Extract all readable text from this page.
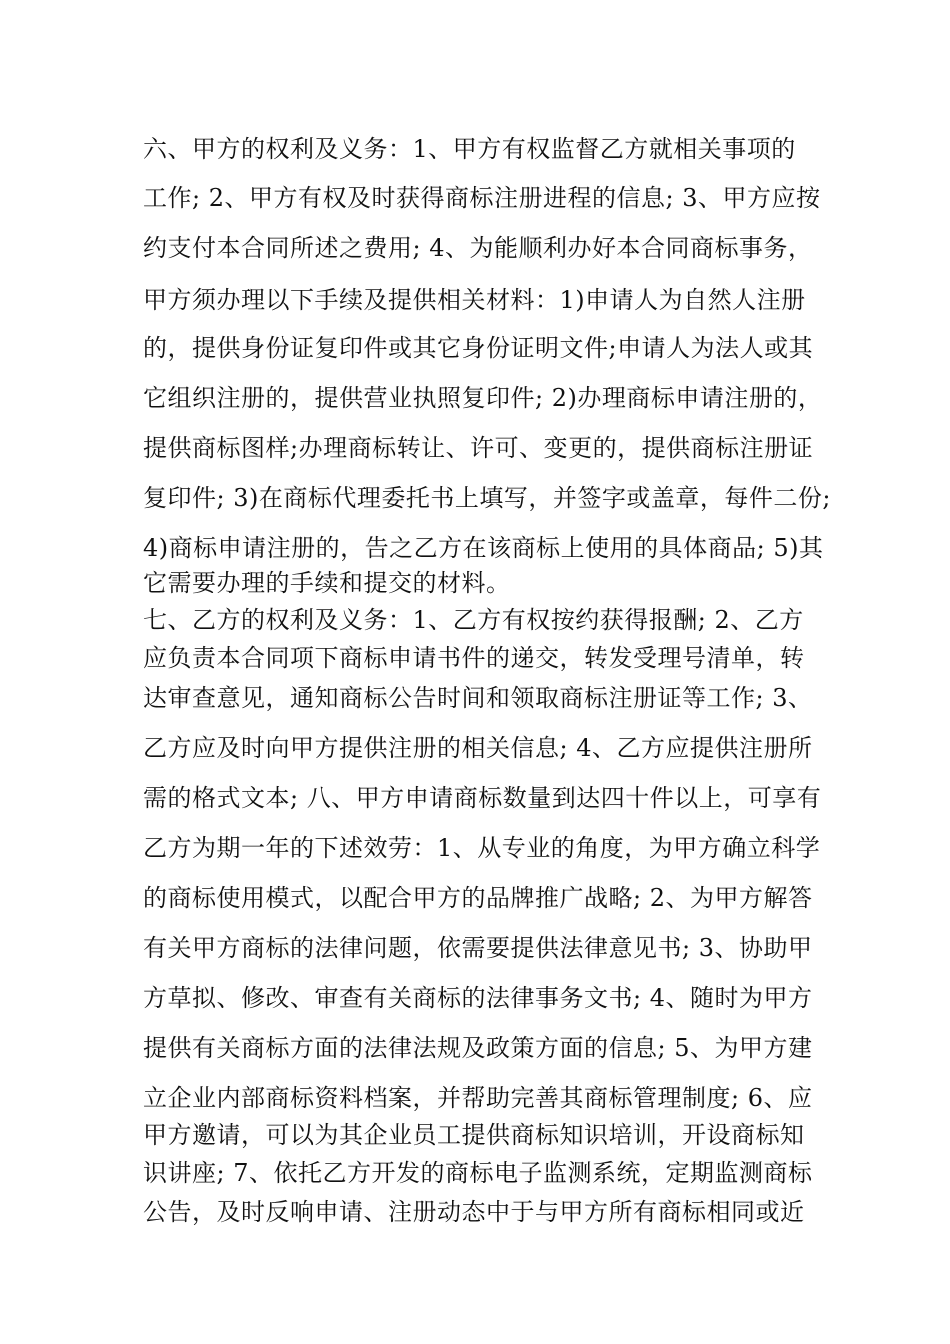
六、甲方的权利及义务：1、甲方有权监督乙方就相关事项的
工作; 2、甲方有权及时获得商标注册进程的信息; 3、甲方应按
约支付本合同所述之费用; 4、为能顺利办好本合同商标事务，
甲方须办理以下手续及提供相关材料：1)申请人为自然人注册
的，提供身份证复印件或其它身份证明文件;申请人为法人或其
它组织注册的，提供营业执照复印件; 2)办理商标申请注册的，
提供商标图样;办理商标转让、许可、变更的，提供商标注册证
复印件; 3)在商标代理委托书上填写，并签字或盖章，每件二份;
4)商标申请注册的，告之乙方在该商标上使用的具体商品; 5)其
它需要办理的手续和提交的材料。
七、乙方的权利及义务：1、乙方有权按约获得报酬; 2、乙方
应负责本合同项下商标申请书件的递交，转发受理号清单，转
达审查意见，通知商标公告时间和领取商标注册证等工作; 3、
乙方应及时向甲方提供注册的相关信息; 4、乙方应提供注册所
需的格式文本; 八、甲方申请商标数量到达四十件以上，可享有
乙方为期一年的下述效劳：1、从专业的角度，为甲方确立科学
的商标使用模式，以配合甲方的品牌推广战略; 2、为甲方解答
有关甲方商标的法律问题，依需要提供法律意见书; 3、协助甲
方草拟、修改、审查有关商标的法律事务文书; 4、随时为甲方
提供有关商标方面的法律法规及政策方面的信息; 5、为甲方建
立企业内部商标资料档案，并帮助完善其商标管理制度; 6、应
甲方邀请，可以为其企业员工提供商标知识培训，开设商标知
识讲座; 7、依托乙方开发的商标电子监测系统，定期监测商标
公告，及时反响申请、注册动态中于与甲方所有商标相同或近
